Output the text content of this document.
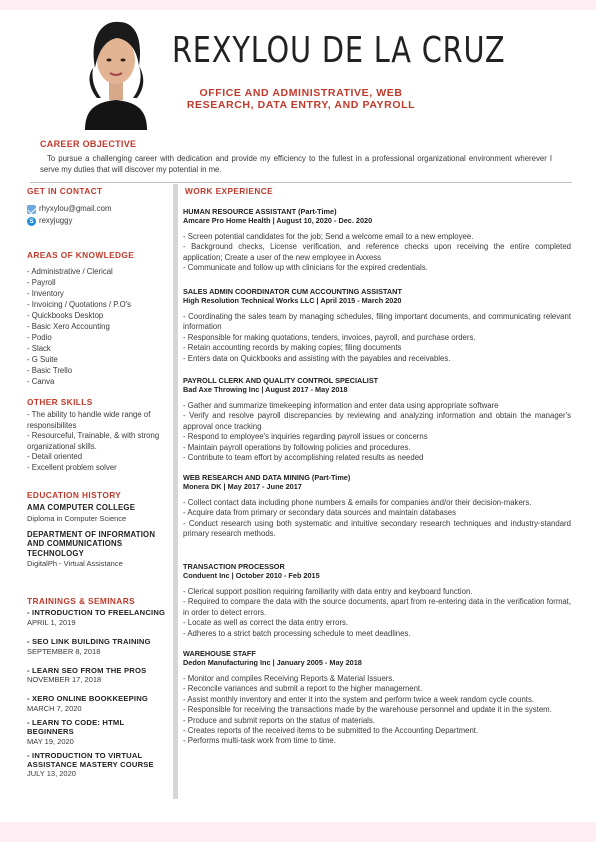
REXYLOU DE LA CRUZ
OFFICE AND ADMINISTRATIVE, WEB RESEARCH, DATA ENTRY, AND PAYROLL
CAREER OBJECTIVE
To pursue a challenging career with dedication and provide my efficiency to the fullest in a professional organizational environment wherever I serve my duties that will discover my potential in me.
GET IN CONTACT
rhyxylou@gmail.com
S rexyjuggy
AREAS OF KNOWLEDGE
- Administrative / Clerical
- Payroll
- Inventory
- Invoicing / Quotations / P.O's
- Quickbooks Desktop
- Basic Xero Accounting
- Podio
- Slack
- G Suite
- Basic Trello
- Canva
OTHER SKILLS
- The ability to handle wide range of responsibilites
- Resourceful, Trainable, & with strong organizational skills.
- Detail oriented
- Excellent problem solver
EDUCATION HISTORY
AMA COMPUTER COLLEGE
Diploma in Computer Science
DEPARTMENT OF INFORMATION AND COMMUNICATIONS TECHNOLOGY
DigitalPh - Virtual Assistance
TRAININGS & SEMINARS
- INTRODUCTION TO FREELANCING
APRIL 1, 2019
- SEO LINK BUILDING TRAINING
SEPTEMBER 8, 2018
- LEARN SEO FROM THE PROS
NOVEMBER 17, 2018
- XERO ONLINE BOOKKEEPING
MARCH 7, 2020
- LEARN TO CODE: HTML BEGINNERS
MAY 19, 2020
- INTRODUCTION TO VIRTUAL ASSISTANCE MASTERY COURSE
JULY 13, 2020
WORK EXPERIENCE
HUMAN RESOURCE ASSISTANT (Part-Time)
Amcare Pro Home Health | August 10, 2020 - Dec. 2020
- Screen potential candidates for the job; Send a welcome email to a new employee.
- Background checks, License verification, and reference checks upon receiving the entire completed application; Create a user of the new employee in Axxess
- Communicate and follow up with clinicians for the expired credentials.
SALES ADMIN COORDINATOR CUM ACCOUNTING ASSISTANT
High Resolution Technical Works LLC | April 2015 - March 2020
- Coordinating the sales team by managing schedules, filing important documents, and communicating relevant information
- Responsible for making quotations, tenders, invoices, payroll, and purchase orders.
- Retain accounting records by making copies; filing documents
- Enters data on Quickbooks and assisting with the payables and receivables.
PAYROLL CLERK AND QUALITY CONTROL SPECIALIST
Bad Axe Throwing Inc | August 2017 - May 2018
- Gather and summarize timekeeping information and enter data using appropriate software
- Verify and resolve payroll discrepancies by reviewing and analyzing information and obtain the manager's approval once tracking
- Respond to employee's inquiries regarding payroll issues or concerns
- Maintain payroll operations by following policies and procedures.
- Contribute to team effort by accomplishing related results as needed
WEB RESEARCH AND DATA MINING (Part-Time)
Monera DK | May 2017 - June 2017
- Collect contact data including phone numbers & emails for companies and/or their decision-makers.
- Acquire data from primary or secondary data sources and maintain databases
- Conduct research using both systematic and intuitive secondary research techniques and industry-standard primary research methods.
TRANSACTION PROCESSOR
Conduent Inc | October 2010 - Feb 2015
- Clerical support position requiring familiarity with data entry and keyboard function.
- Required to compare the data with the source documents, apart from re-entering data in the verification format, in order to detect errors.
- Locate as well as correct the data entry errors.
- Adheres to a strict batch processing schedule to meet deadlines.
WAREHOUSE STAFF
Dedon Manufacturing Inc | January 2005 - May 2018
- Monitor and compiles Receiving Reports & Material Issuers.
- Reconcile variances and submit a report to the higher management.
- Assist monthly inventory and enter it into the system and perform twice a week random cycle counts.
- Responsible for receiving the transactions made by the warehouse personnel and update it in the system.
- Produce and submit reports on the status of materials.
- Creates reports of the received items to be submitted to the Accounting Department.
- Performs multi-task work from time to time.
